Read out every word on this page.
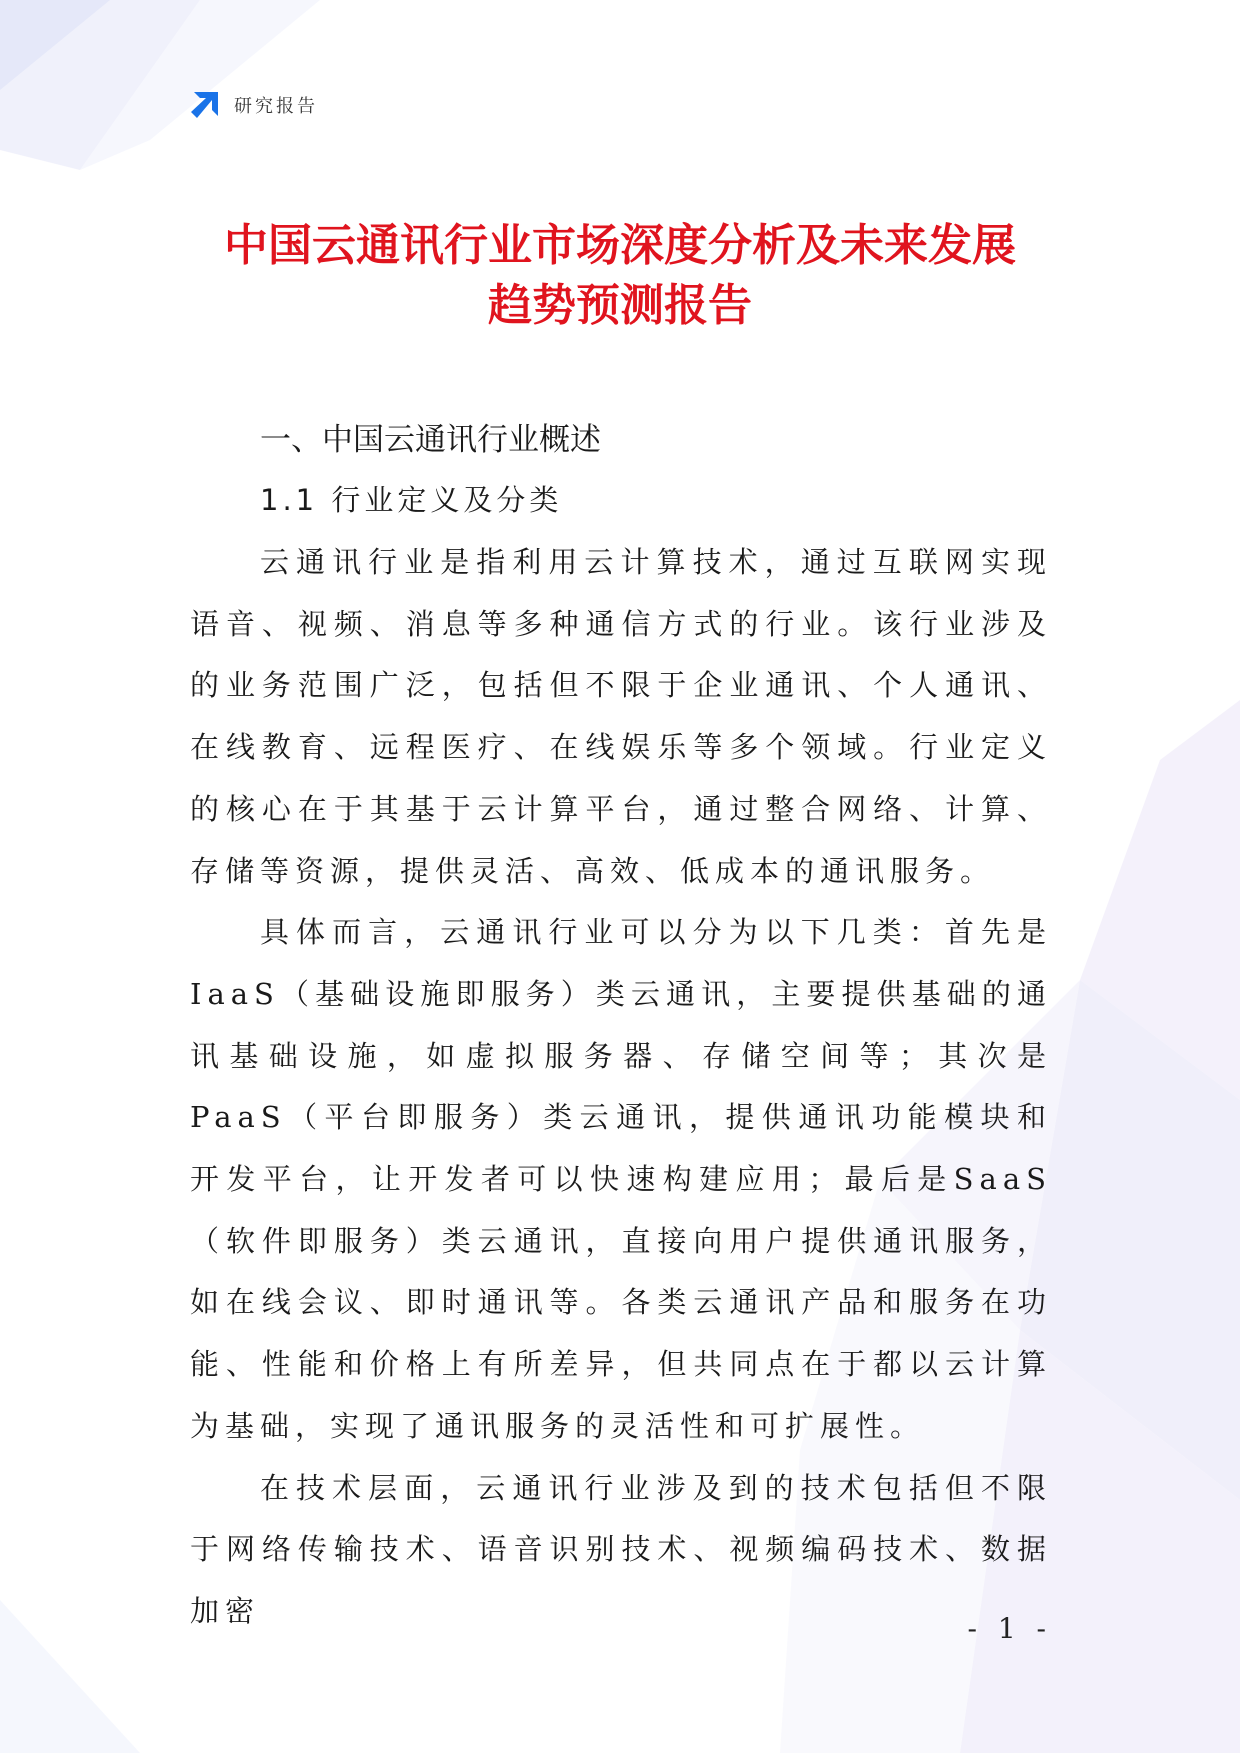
研究报告
中国云通讯行业市场深度分析及未来发展
趋势预测报告

一、中国云通讯行业概述

1.1 行业定义及分类

云通讯行业是指利用云计算技术，通过互联网实现语音、视频、消息等多种通信方式的行业。该行业涉及的业务范围广泛，包括但不限于企业通讯、个人通讯、在线教育、远程医疗、在线娱乐等多个领域。行业定义的核心在于其基于云计算平台，通过整合网络、计算、存储等资源，提供灵活、高效、低成本的通讯服务。

具体而言，云通讯行业可以分为以下几类：首先是IaaS（基础设施即服务）类云通讯，主要提供基础的通讯基础设施，如虚拟服务器、存储空间等；其次是PaaS（平台即服务）类云通讯，提供通讯功能模块和开发平台，让开发者可以快速构建应用；最后是SaaS（软件即服务）类云通讯，直接向用户提供通讯服务，如在线会议、即时通讯等。各类云通讯产品和服务在功能、性能和价格上有所差异，但共同点在于都以云计算为基础，实现了通讯服务的灵活性和可扩展性。

在技术层面，云通讯行业涉及到的技术包括但不限于网络传输技术、语音识别技术、视频编码技术、数据加密

- 1 -
